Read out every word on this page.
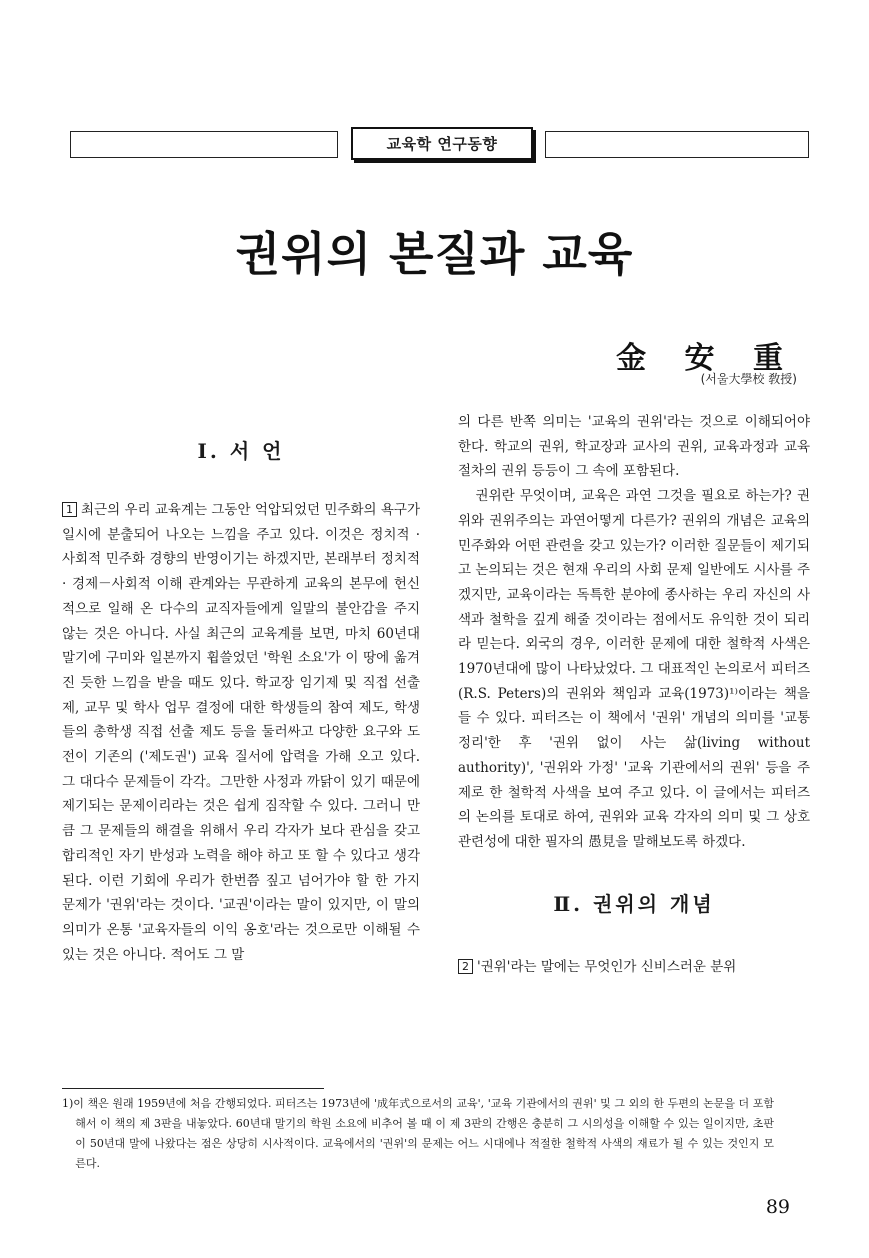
교육학 연구동향
권위의 본질과 교육
金 安 重
(서울大學校 敎授)
Ⅰ. 서 언

1 최근의 우리 교육계는 그동안 억압되었던 민주화의 욕구가 일시에 분출되어 나오는 느낌을 주고 있다. 이것은 정치적 · 사회적 민주화 경향의 반영이기는 하겠지만, 본래부터 정치적 · 경제－사회적 이해 관계와는 무관하게 교육의 본무에 헌신적으로 일해 온 다수의 교직자들에게 일말의 불안감을 주지 않는 것은 아니다. 사실 최근의 교육계를 보면, 마치 60년대 말기에 구미와 일본까지 휩쓸었던 '학원 소요'가 이 땅에 옮겨진 듯한 느낌을 받을 때도 있다. 학교장 임기제 및 직접 선출제, 교무 및 학사 업무 결정에 대한 학생들의 참여 제도, 학생들의 총학생 직접 선출 제도 등을 둘러싸고 다양한 요구와 도전이 기존의 ('제도권') 교육 질서에 압력을 가해 오고 있다. 그 대다수 문제들이 각각。그만한 사정과 까닭이 있기 때문에 제기되는 문제이리라는 것은 쉽게 짐작할 수 있다. 그러니 만큼 그 문제들의 해결을 위해서 우리 각자가 보다 관심을 갖고 합리적인 자기 반성과 노력을 해야 하고 또 할 수 있다고 생각된다. 이런 기회에 우리가 한번쯤 짚고 넘어가야 할 한 가지 문제가 '권위'라는 것이다. '교권'이라는 말이 있지만, 이 말의 의미가 온통 '교육자들의 이익 옹호'라는 것으로만 이해될 수 있는 것은 아니다. 적어도 그 말

의 다른 반쪽 의미는 '교육의 권위'라는 것으로 이해되어야 한다. 학교의 권위, 학교장과 교사의 권위, 교육과정과 교육 절차의 권위 등등이 그 속에 포함된다.

권위란 무엇이며, 교육은 과연 그것을 필요로 하는가? 권위와 권위주의는 과연어떻게 다른가? 권위의 개념은 교육의 민주화와 어떤 관련을 갖고 있는가? 이러한 질문들이 제기되고 논의되는 것은 현재 우리의 사회 문제 일반에도 시사를 주겠지만, 교육이라는 독특한 분야에 종사하는 우리 자신의 사색과 철학을 깊게 해줄 것이라는 점에서도 유익한 것이 되리라 믿는다. 외국의 경우, 이러한 문제에 대한 철학적 사색은 1970년대에 많이 나타났었다. 그 대표적인 논의로서 피터즈(R.S. Peters)의 권위와 책임과 교육(1973)¹⁾이라는 책을 들 수 있다. 피터즈는 이 책에서 '권위' 개념의 의미를 '교통 정리'한 후 '권위 없이 사는 삶(living without authority)', '권위와 가정' '교육 기관에서의 권위' 등을 주제로 한 철학적 사색을 보여 주고 있다. 이 글에서는 피터즈의 논의를 토대로 하여, 권위와 교육 각자의 의미 및 그 상호 관련성에 대한 필자의 愚見을 말해보도록 하겠다.

Ⅱ. 권위의 개념

2 '권위'라는 말에는 무엇인가 신비스러운 분위

1)이 책은 원래 1959년에 처음 간행되었다. 피터즈는 1973년에 '成年式으로서의 교육', '교육 기관에서의 권위' 및 그 외의 한 두편의 논문을 더 포함해서 이 책의 제 3판을 내놓았다. 60년대 말기의 학원 소요에 비추어 볼 때 이 제 3판의 간행은 충분히 그 시의성을 이해할 수 있는 일이지만, 초판이 50년대 말에 나왔다는 점은 상당히 시사적이다. 교육에서의 '권위'의 문제는 어느 시대에나 적절한 철학적 사색의 재료가 될 수 있는 것인지 모른다.
89
